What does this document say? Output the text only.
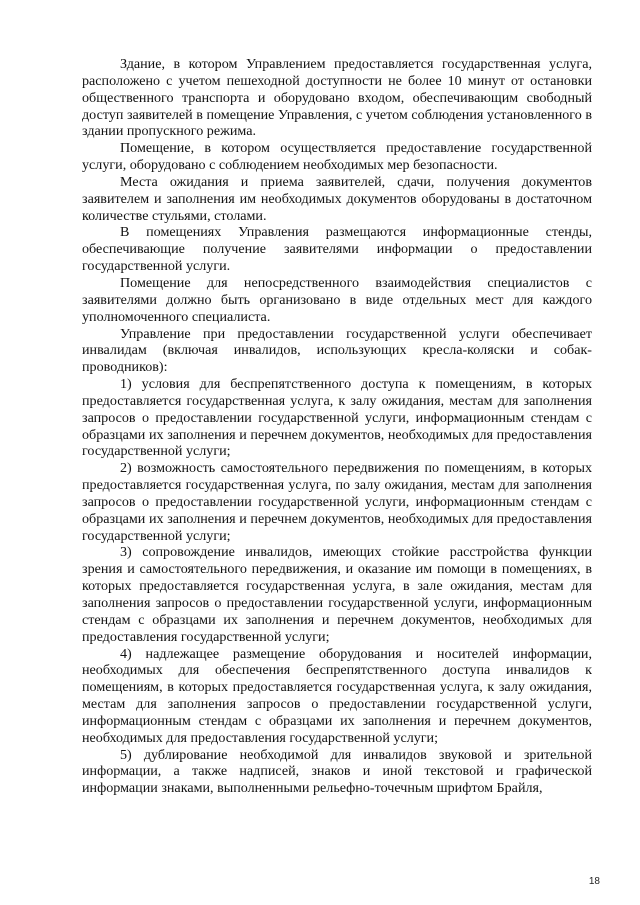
Здание, в котором Управлением предоставляется государственная услуга, расположено с учетом пешеходной доступности не более 10 минут от остановки общественного транспорта и оборудовано входом, обеспечивающим свободный доступ заявителей в помещение Управления, с учетом соблюдения установленного в здании пропускного режима.

Помещение, в котором осуществляется предоставление государственной услуги, оборудовано с соблюдением необходимых мер безопасности.

Места ожидания и приема заявителей, сдачи, получения документов заявителем и заполнения им необходимых документов оборудованы в достаточном количестве стульями, столами.

В помещениях Управления размещаются информационные стенды, обеспечивающие получение заявителями информации о предоставлении государственной услуги.

Помещение для непосредственного взаимодействия специалистов с заявителями должно быть организовано в виде отдельных мест для каждого уполномоченного специалиста.

Управление при предоставлении государственной услуги обеспечивает инвалидам (включая инвалидов, использующих кресла-коляски и собак-проводников):

1) условия для беспрепятственного доступа к помещениям, в которых предоставляется государственная услуга, к залу ожидания, местам для заполнения запросов о предоставлении государственной услуги, информационным стендам с образцами их заполнения и перечнем документов, необходимых для предоставления государственной услуги;

2) возможность самостоятельного передвижения по помещениям, в которых предоставляется государственная услуга, по залу ожидания, местам для заполнения запросов о предоставлении государственной услуги, информационным стендам с образцами их заполнения и перечнем документов, необходимых для предоставления государственной услуги;

3) сопровождение инвалидов, имеющих стойкие расстройства функции зрения и самостоятельного передвижения, и оказание им помощи в помещениях, в которых предоставляется государственная услуга, в зале ожидания, местам для заполнения запросов о предоставлении государственной услуги, информационным стендам с образцами их заполнения и перечнем документов, необходимых для предоставления государственной услуги;

4) надлежащее размещение оборудования и носителей информации, необходимых для обеспечения беспрепятственного доступа инвалидов к помещениям, в которых предоставляется государственная услуга, к залу ожидания, местам для заполнения запросов о предоставлении государственной услуги, информационным стендам с образцами их заполнения и перечнем документов, необходимых для предоставления государственной услуги;

5) дублирование необходимой для инвалидов звуковой и зрительной информации, а также надписей, знаков и иной текстовой и графической информации знаками, выполненными рельефно-точечным шрифтом Брайля,

18
